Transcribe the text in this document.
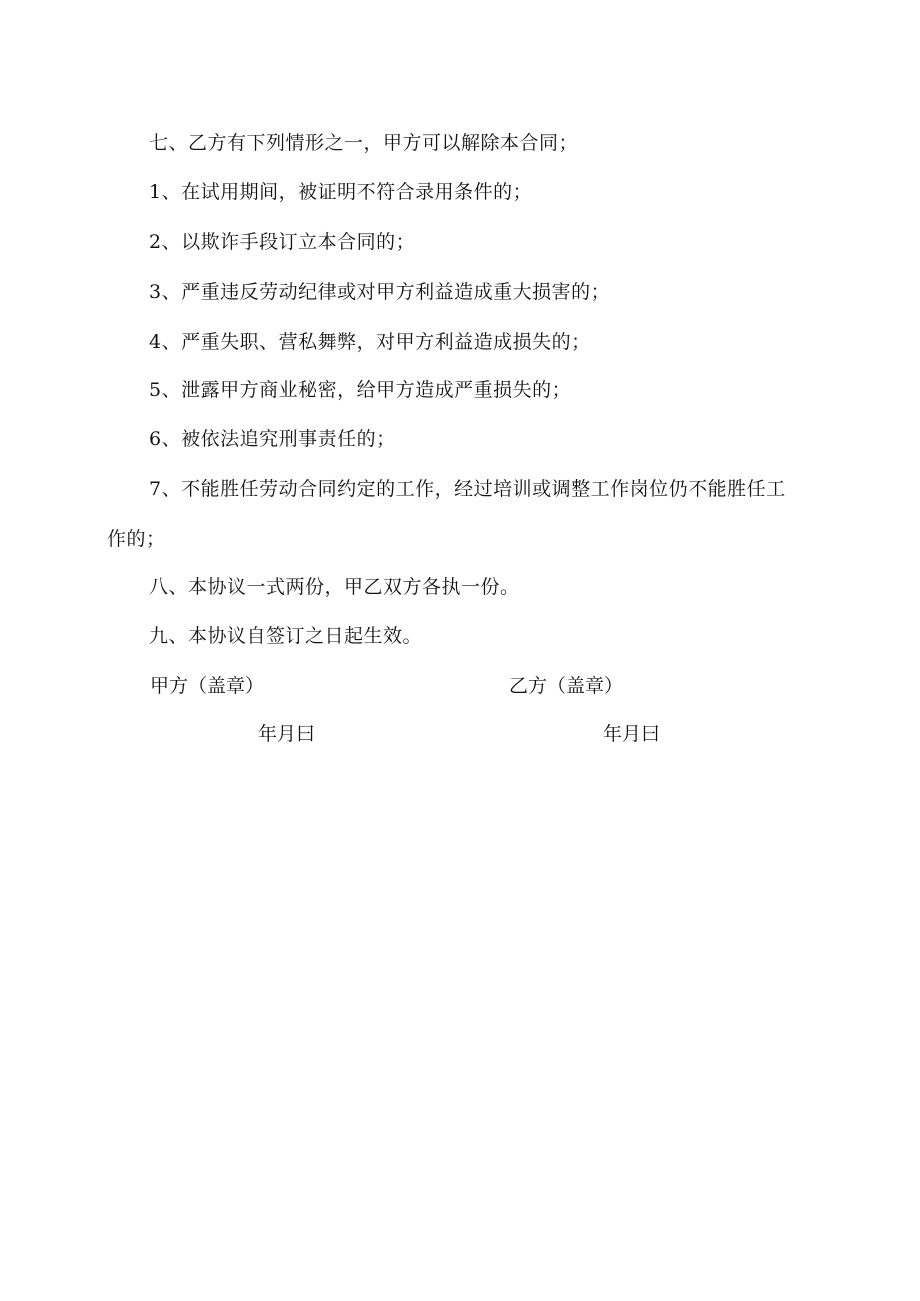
七、乙方有下列情形之一，甲方可以解除本合同；
1、在试用期间，被证明不符合录用条件的；
2、以欺诈手段订立本合同的；
3、严重违反劳动纪律或对甲方利益造成重大损害的；
4、严重失职、营私舞弊，对甲方利益造成损失的；
5、泄露甲方商业秘密，给甲方造成严重损失的；
6、被依法追究刑事责任的；
7、不能胜任劳动合同约定的工作，经过培训或调整工作岗位仍不能胜任工
作的；
八、本协议一式两份，甲乙双方各执一份。
九、本协议自签订之日起生效。
甲方（盖章）	乙方（盖章）
年月曰	年月曰
